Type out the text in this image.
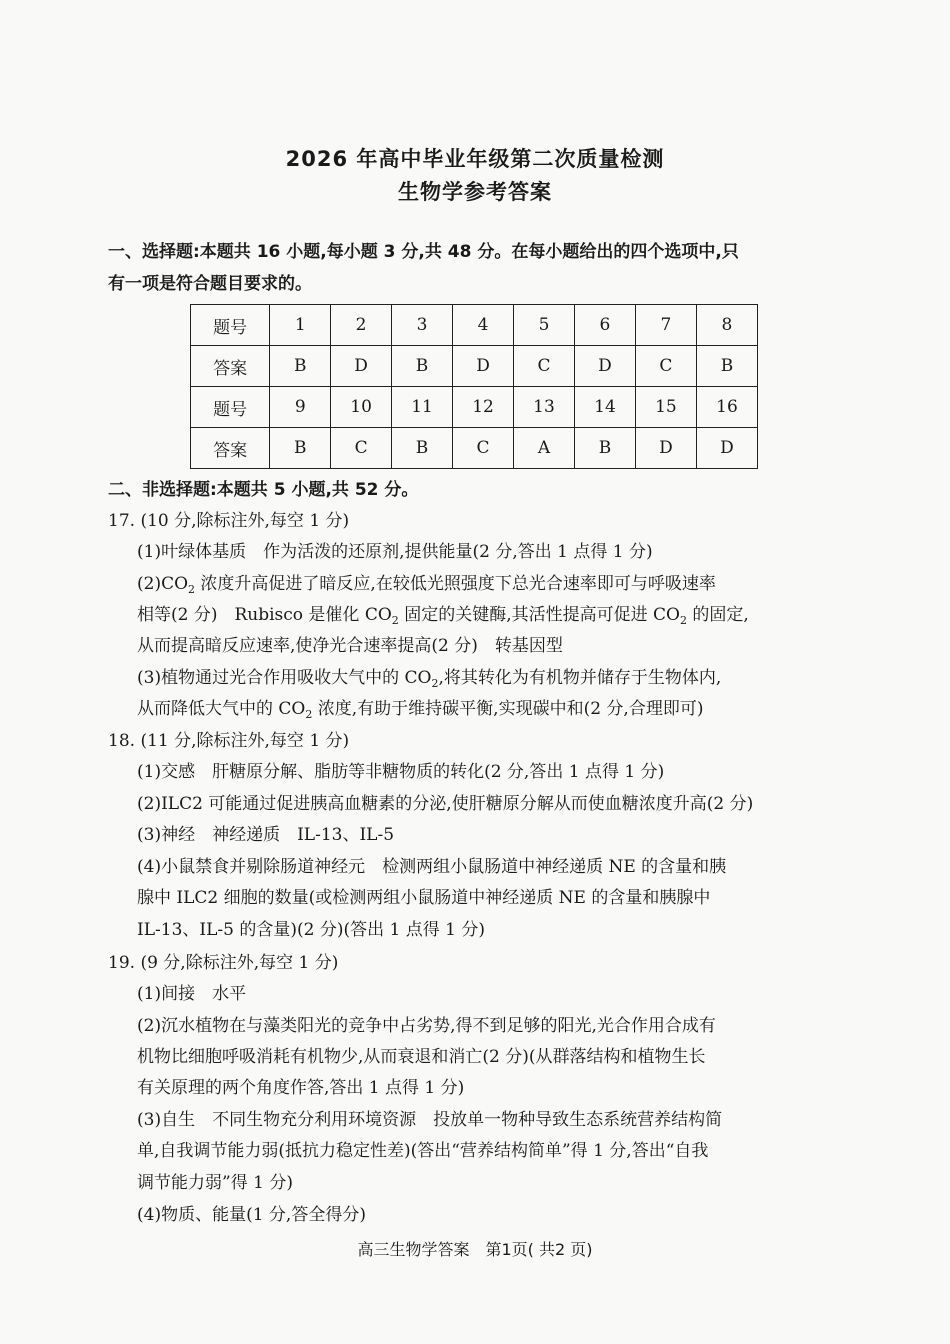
2026 年高中毕业年级第二次质量检测
生物学参考答案
一、选择题:本题共 16 小题,每小题 3 分,共 48 分。在每小题给出的四个选项中,只
有一项是符合题目要求的。
题号	1	2	3	4	5	6	7	8
答案	B	D	B	D	C	D	C	B
题号	9	10	11	12	13	14	15	16
答案	B	C	B	C	A	B	D	D
二、非选择题:本题共 5 小题,共 52 分。
17. (10 分,除标注外,每空 1 分)
(1)叶绿体基质　作为活泼的还原剂,提供能量(2 分,答出 1 点得 1 分)
$(2)CO_2$ 浓度升高促进了暗反应,在较低光照强度下总光合速率即可与呼吸速率
相等(2 分)　Rubisco 是催化 $CO_2$ 固定的关键酶,其活性提高可促进 $CO_2$ 的固定,
从而提高暗反应速率,使净光合速率提高(2 分)　转基因型
(3)植物通过光合作用吸收大气中的 $CO_2$,将其转化为有机物并储存于生物体内,
从而降低大气中的 $CO_2$ 浓度,有助于维持碳平衡,实现碳中和(2 分,合理即可)
18. (11 分,除标注外,每空 1 分)
(1)交感　肝糖原分解、脂肪等非糖物质的转化(2 分,答出 1 点得 1 分)
(2)ILC2 可能通过促进胰高血糖素的分泌,使肝糖原分解从而使血糖浓度升高(2 分)
(3)神经　神经递质　IL-13、IL-5
(4)小鼠禁食并剔除肠道神经元　检测两组小鼠肠道中神经递质 NE 的含量和胰
腺中 ILC2 细胞的数量(或检测两组小鼠肠道中神经递质 NE 的含量和胰腺中
IL-13、IL-5 的含量)(2 分)(答出 1 点得 1 分)
19. (9 分,除标注外,每空 1 分)
(1)间接　水平
(2)沉水植物在与藻类阳光的竞争中占劣势,得不到足够的阳光,光合作用合成有
机物比细胞呼吸消耗有机物少,从而衰退和消亡(2 分)(从群落结构和植物生长
有关原理的两个角度作答,答出 1 点得 1 分)
(3)自生　不同生物充分利用环境资源　投放单一物种导致生态系统营养结构简
单,自我调节能力弱(抵抗力稳定性差)(答出“营养结构简单”得 1 分,答出“自我
调节能力弱”得 1 分)
(4)物质、能量(1 分,答全得分)
高三生物学答案　第1页( 共2 页)
